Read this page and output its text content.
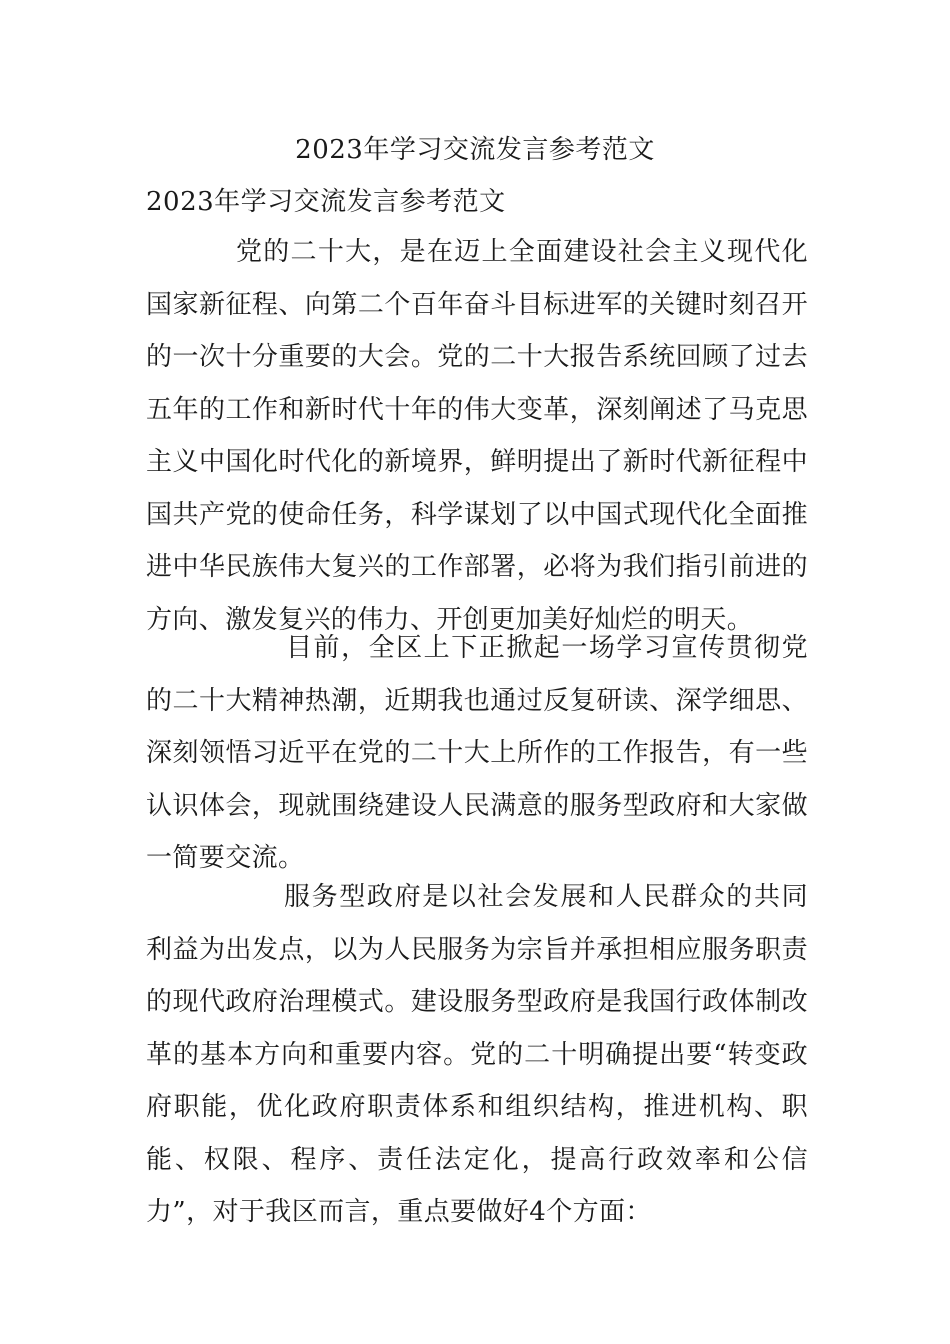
2023年学习交流发言参考范文
2023年学习交流发言参考范文

党的二十大，是在迈上全面建设社会主义现代化国家新征程、向第二个百年奋斗目标进军的关键时刻召开的一次十分重要的大会。党的二十大报告系统回顾了过去五年的工作和新时代十年的伟大变革，深刻阐述了马克思主义中国化时代化的新境界，鲜明提出了新时代新征程中国共产党的使命任务，科学谋划了以中国式现代化全面推进中华民族伟大复兴的工作部署，必将为我们指引前进的方向、激发复兴的伟力、开创更加美好灿烂的明天。

目前，全区上下正掀起一场学习宣传贯彻党的二十大精神热潮，近期我也通过反复研读、深学细思、深刻领悟习近平在党的二十大上所作的工作报告，有一些认识体会，现就围绕建设人民满意的服务型政府和大家做一简要交流。

服务型政府是以社会发展和人民群众的共同利益为出发点，以为人民服务为宗旨并承担相应服务职责的现代政府治理模式。建设服务型政府是我国行政体制改革的基本方向和重要内容。党的二十明确提出要“转变政府职能，优化政府职责体系和组织结构，推进机构、职能、权限、程序、责任法定化，提高行政效率和公信力”，对于我区而言，重点要做好4个方面：
